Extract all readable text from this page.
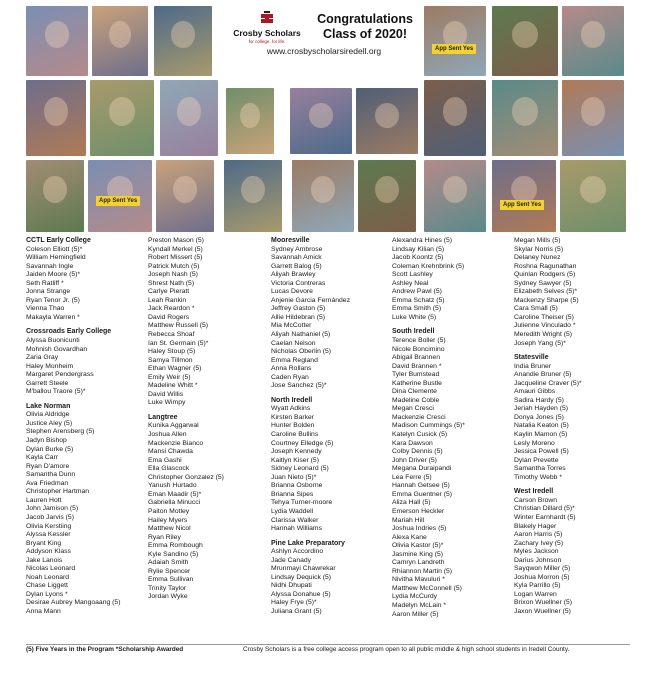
App Sent Yes
App Sent Yes
App Sent Yes
Crosby Scholars
for college. for life.
Congratulations
Class of 2020!
www.crosbyscholarsiredell.org
CCTL Early College
Coleson Elliott (5)*
William Hemingfield
Savannah Ingle
Jaiden Moore (5)*
Seth Ratliff *
Jonna Strange
Ryan Tenor Jr. (5)
Vienna Thao
Makayla Warren *
Crossroads Early College
Alyssa Buonicunti
Mohnish Govardhan
Zaria Gray
Haley Monheim
Margaret Pendergrass
Garrett Steele
M'ballou Traore (5)*
Lake Norman
Olivia Aldridge
Justice Aley (5)
Stephen Arensberg (5)
Jadyn Bishop
Dylan Burke (5)
Kayla Carr
Ryan D'amore
Samantha Dunn
Ava Friedman
Christopher Hartman
Lauren Hott
John Jamison (5)
Jacob Jarvis (5)
Olivia Kerstiing
Alyssa Kessler
Bryant King
Addyson Klass
Jake Lanois
Nicolas Leonard
Noah Leonard
Chase Liggett
Dylan Lyons *
Desirae Aubrey Mangoaang (5)
Anna Mann
Preston Mason (5)
Kyndall Merkel (5)
Robert Missert (5)
Patrick Mutch (5)
Joseph Nash (5)
Shrest Nath (5)
Carlye Pieratt
Leah Rankin
Jack Reardon *
David Rogers
Matthew Russell (5)
Rebecca Shoaf
Ian St. Germain (5)*
Haley Stoup (5)
Samya Tillmon
Ethan Wagner (5)
Emily Weir (5)
Madeline Whitt *
David Willis
Luke Wimpy
Langtree
Kunika Aggarwal
Joshua Allen
Mackenzie Bianco
Mansi Chawda
Ema Gashi
Ella Glascock
Christopher Gonzalez (5)
Yanush Hurtado
Eman Maadir (5)*
Gabriella Minucci
Paiton Motley
Hailey Myers
Matthew Nicol
Ryan Riley
Emma Rombough
Kyle Sandino (5)
Adaiah Smith
Rylie Spencer
Emma Sullivan
Trinity Taylor
Jordan Wyke
Mooresville
Sydney Ambrose
Savannah Amick
Garrett Balog (5)
Aliyah Brawley
Victoria Contreras
Lucas Devore
Anjenie Garcia Fernández
Jeffrey Gaston (5)
Allie Hildebran (5)
Mia McCotter
Aliyah Nathaniel (5)
Caelan Nelson
Nicholas Oberlin (5)
Emma Regland
Anna Rollans
Caden Ryan
Jose Sanchez (5)*
North Iredell
Wyatt Adkins
Kirsten Barker
Hunter Bolden
Caroline Bullins
Courtney Elledge (5)
Joseph Kennedy
Kaitlyn Kiser (5)
Sidney Leonard (5)
Juan Nieto (5)*
Brianna Osborne
Brianna Sipes
Tehya Turner-moore
Lydia Waddell
Clarissa Walker
Hannah Williams
Pine Lake Preparatory
Ashlyn Accordino
Jade Canady
Mrunmayi Chawrekar
Lindsay Dequick (5)
Nidhi Dhupati
Alyssa Donahue (5)
Haley Frye (5)*
Juliana Grant (5)
Alexandra Hines (5)
Lindsay Kilian (5)
Jacob Koontz (5)
Coleman Krehnbrink (5)
Scott Lashley
Ashley Neal
Andrew Pawl (5)
Emma Schatz (5)
Emma Smith (5)
Luke White (5)
South Iredell
Terence Boller (5)
Nicole Boncimino
Abigail Brannen
David Brannen *
Tyler Bumstead
Katherine Bustle
Dina Clemente
Madeline Coble
Megan Cresci
Mackenzie Cresci
Madison Cummings (5)*
Katelyn Cusick (5)
Kara Dawson
Colby Dennis (5)
John Driver (5)
Megana Duraipandi
Lea Ferre (5)
Hannah Getsee (5)
Emma Guentner (5)
Aliza Hall (5)
Emerson Heckler
Mariah Hill
Joshua Indries (5)
Alexa Kane
Olivia Kastor (5)*
Jasmine King (5)
Camryn Landreth
Rhiannon Martin (5)
Nivitha Mavuluri *
Matthew McConnell (5)
Lydia McCurdy
Madelyn McLain *
Aaron Miller (5)
Megan Mills (5)
Skylar Norris (5)
Delaney Nunez
Roshna Ragunathan
Quinlan Rodgers (5)
Sydney Sawyer (5)
Elizabeth Selves (5)*
Mackenzy Sharpe (5)
Cara Small (5)
Caroline Theiser (5)
Julienne Vinculado *
Meredith Wright (5)
Joseph Yang (5)*
Statesville
India Bruner
Anandie Bruner (5)
Jacqueline Craver (5)*
Amauri Gibbs
Sadira Hardy (5)
Jeriah Hayden (5)
Donya Jones (5)
Natalia Keaton (5)
Kaylin Mamon (5)
Lesly Moreno
Jessica Powell (5)
Dylan Prevette
Samantha Torres
Timothy Webb *
West Iredell
Carson Brown
Christian Dillard (5)*
Winter Earnhardt (5)
Blakely Hager
Aaron Harris (5)
Zachary Ivey (5)
Myles Jackson
Darius Johnson
Sayqwon Miller (5)
Joshua Morron (5)
Kyla Parrillo (5)
Logan Warren
Brixon Wuellner (5)
Jaxon Wuellner (5)
(5) Five Years in the Program *Scholarship Awarded	Crosby Scholars is a free college access program open to all public middle & high school students in Iredell County.
